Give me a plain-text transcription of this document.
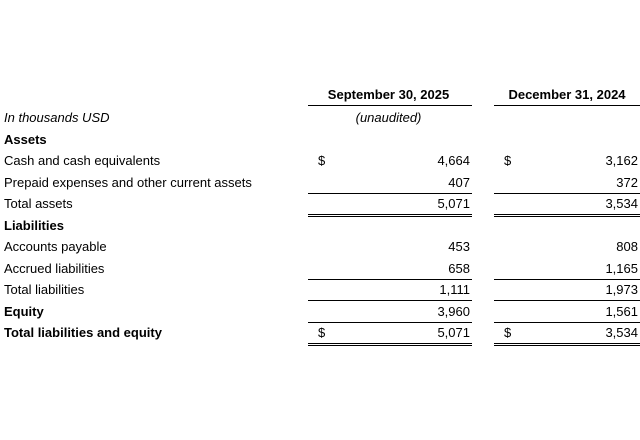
September 30, 2025	December 31, 2024
In thousands USD	(unaudited)
Assets
Cash and cash equivalents	$	4,664	$	3,162
Prepaid expenses and other current assets	407	372
Total assets	5,071	3,534
Liabilities
Accounts payable	453	808
Accrued liabilities	658	1,165
Total liabilities	1,111	1,973
Equity	3,960	1,561
Total liabilities and equity	$	5,071	$	3,534
